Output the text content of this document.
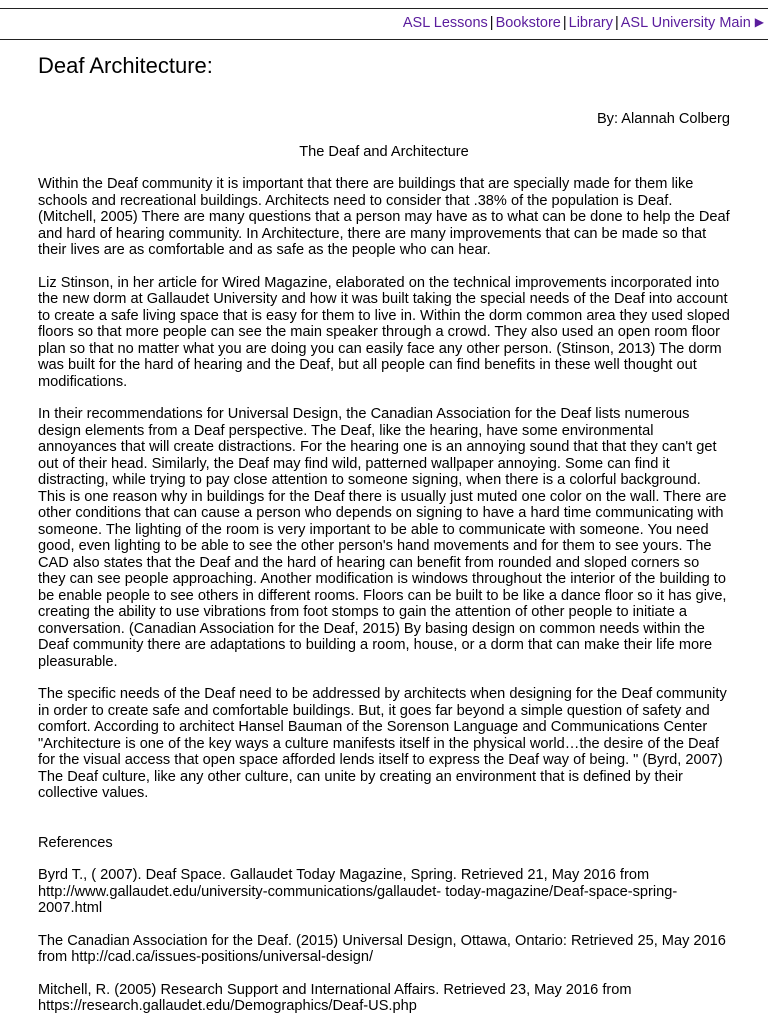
ASL Lessons | Bookstore | Library | ASL University Main ▶
Deaf Architecture:
By: Alannah Colberg
The Deaf and Architecture

Within the Deaf community it is important that there are buildings that are specially made for them like schools and recreational buildings. Architects need to consider that .38% of the population is Deaf. (Mitchell, 2005) There are many questions that a person may have as to what can be done to help the Deaf and hard of hearing community. In Architecture, there are many improvements that can be made so that their lives are as comfortable and as safe as the people who can hear.

Liz Stinson, in her article for Wired Magazine, elaborated on the technical improvements incorporated into the new dorm at Gallaudet University and how it was built taking the special needs of the Deaf into account to create a safe living space that is easy for them to live in. Within the dorm common area they used sloped floors so that more people can see the main speaker through a crowd. They also used an open room floor plan so that no matter what you are doing you can easily face any other person. (Stinson, 2013) The dorm was built for the hard of hearing and the Deaf, but all people can find benefits in these well thought out modifications.

In their recommendations for Universal Design, the Canadian Association for the Deaf lists numerous design elements from a Deaf perspective. The Deaf, like the hearing, have some environmental annoyances that will create distractions. For the hearing one is an annoying sound that that they can't get out of their head. Similarly, the Deaf may find wild, patterned wallpaper annoying. Some can find it distracting, while trying to pay close attention to someone signing, when there is a colorful background. This is one reason why in buildings for the Deaf there is usually just muted one color on the wall. There are other conditions that can cause a person who depends on signing to have a hard time communicating with someone. The lighting of the room is very important to be able to communicate with someone. You need good, even lighting to be able to see the other person's hand movements and for them to see yours. The CAD also states that the Deaf and the hard of hearing can benefit from rounded and sloped corners so they can see people approaching. Another modification is windows throughout the interior of the building to be enable people to see others in different rooms. Floors can be built to be like a dance floor so it has give, creating the ability to use vibrations from foot stomps to gain the attention of other people to initiate a conversation. (Canadian Association for the Deaf, 2015) By basing design on common needs within the Deaf community there are adaptations to building a room, house, or a dorm that can make their life more pleasurable.

The specific needs of the Deaf need to be addressed by architects when designing for the Deaf community in order to create safe and comfortable buildings. But, it goes far beyond a simple question of safety and comfort. According to architect Hansel Bauman of the Sorenson Language and Communications Center "Architecture is one of the key ways a culture manifests itself in the physical world…the desire of the Deaf for the visual access that open space afforded lends itself to express the Deaf way of being. " (Byrd, 2007) The Deaf culture, like any other culture, can unite by creating an environment that is defined by their collective values.

References
Byrd T., ( 2007). Deaf Space. Gallaudet Today Magazine, Spring. Retrieved 21, May 2016 from http://www.gallaudet.edu/university-communications/gallaudet- today-magazine/Deaf-space-spring-2007.html
The Canadian Association for the Deaf. (2015) Universal Design, Ottawa, Ontario: Retrieved 25, May 2016 from http://cad.ca/issues-positions/universal-design/
Mitchell, R. (2005) Research Support and International Affairs. Retrieved 23, May 2016 from https://research.gallaudet.edu/Demographics/Deaf-US.php
